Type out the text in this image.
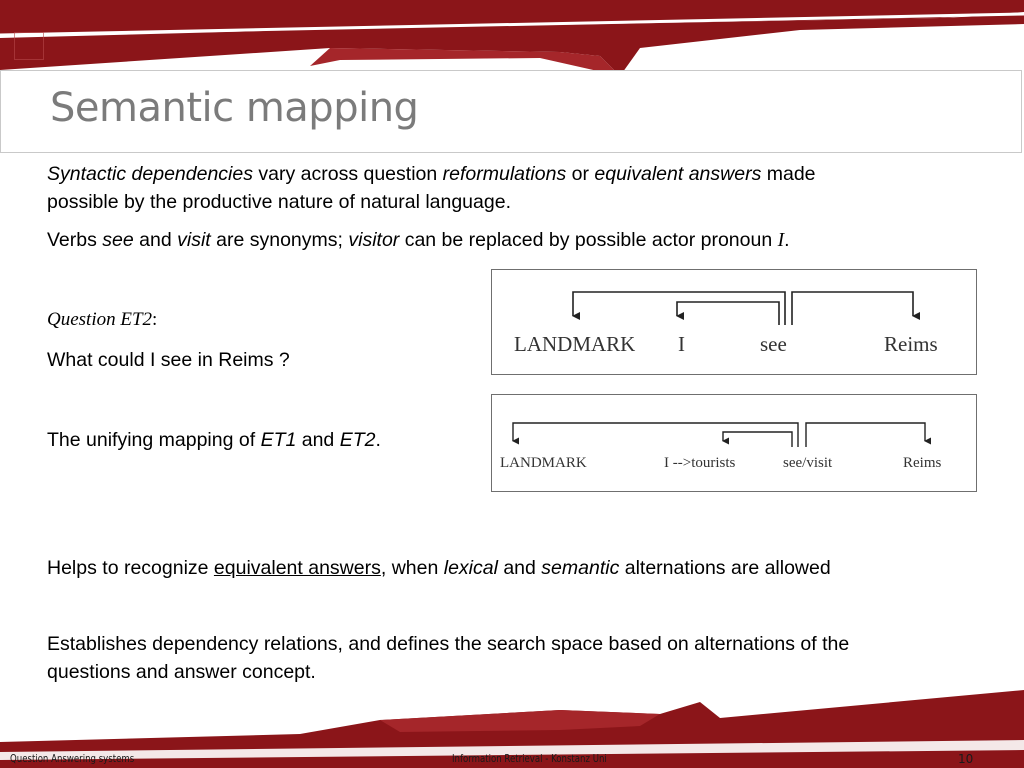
Semantic mapping

Syntactic dependencies vary across question reformulations or equivalent answers made
possible by the productive nature of natural language.

Verbs see and visit are synonyms; visitor can be replaced by possible actor pronoun I.

Question ET2:

What could I see in Reims ?

The unifying mapping of ET1 and ET2.

LANDMARK I	see	Reims
LANDMARK	I -->tourists	see/visit	Reims

Helps to recognize equivalent answers, when lexical and semantic alternations are allowed

Establishes dependency relations, and defines the search space based on alternations of the
questions and answer concept.

Question Answering systems	Information Retrieval - Konstanz Uni	10
